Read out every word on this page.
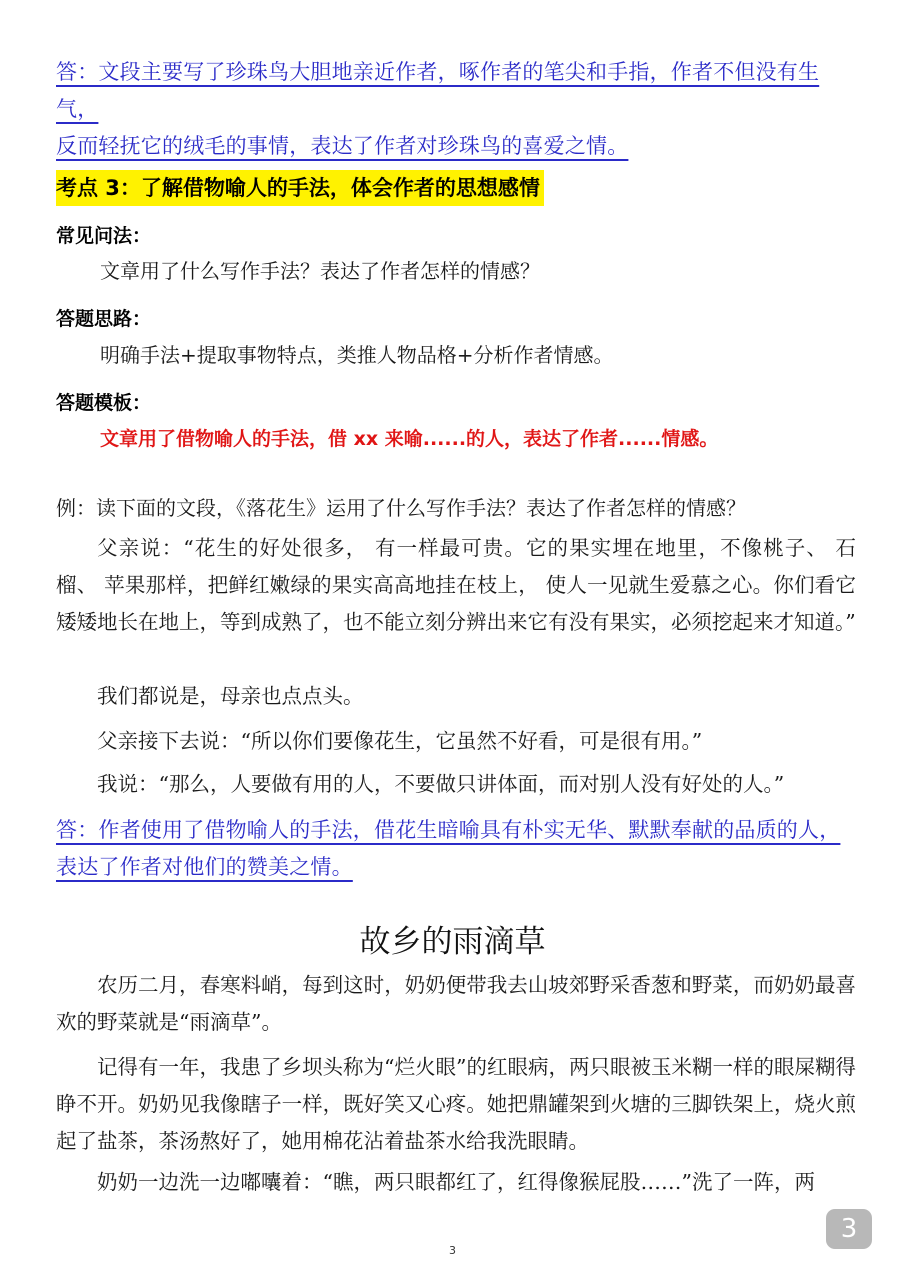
答：文段主要写了珍珠鸟大胆地亲近作者，啄作者的笔尖和手指，作者不但没有生气，
反而轻抚它的绒毛的事情，表达了作者对珍珠鸟的喜爱之情。
考点 3：了解借物喻人的手法，体会作者的思想感情
常见问法：
文章用了什么写作手法？表达了作者怎样的情感？
答题思路：
明确手法+提取事物特点，类推人物品格+分析作者情感。
答题模板：
文章用了借物喻人的手法，借 xx 来喻......的人，表达了作者......情感。
例：读下面的文段，《落花生》运用了什么写作手法？表达了作者怎样的情感？
父亲说：“花生的好处很多， 有一样最可贵。它的果实埋在地里，不像桃子、 石榴、 苹果那样，把鲜红嫩绿的果实高高地挂在枝上， 使人一见就生爱慕之心。你们看它矮矮地长在地上，等到成熟了，也不能立刻分辨出来它有没有果实，必须挖起来才知道。”
我们都说是，母亲也点点头。
父亲接下去说：“所以你们要像花生，它虽然不好看，可是很有用。”
我说：“那么，人要做有用的人，不要做只讲体面，而对别人没有好处的人。”
答：作者使用了借物喻人的手法，借花生暗喻具有朴实无华、默默奉献的品质的人，
表达了作者对他们的赞美之情。
故乡的雨滴草
农历二月，春寒料峭，每到这时，奶奶便带我去山坡郊野采香葱和野菜，而奶奶最喜欢的野菜就是“雨滴草”。
记得有一年，我患了乡坝头称为“烂火眼”的红眼病，两只眼被玉米糊一样的眼屎糊得睁不开。奶奶见我像瞎子一样，既好笑又心疼。她把鼎罐架到火塘的三脚铁架上，烧火煎起了盐茶，茶汤熬好了，她用棉花沾着盐茶水给我洗眼睛。
奶奶一边洗一边嘟囔着：“瞧，两只眼都红了，红得像猴屁股……”洗了一阵，两
3
3
